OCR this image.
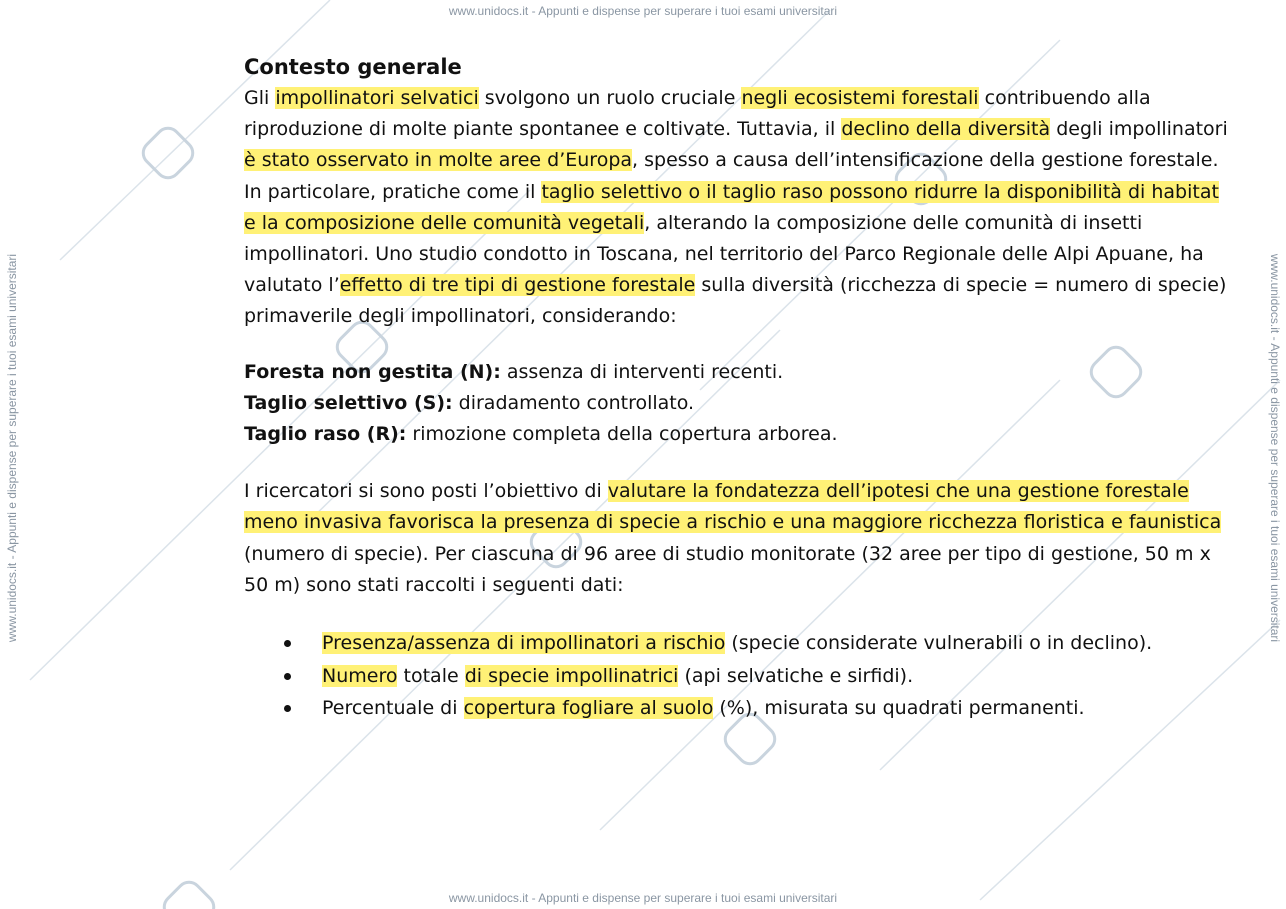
www.unidocs.it - Appunti e dispense per superare i tuoi esami universitari
www.unidocs.it - Appunti e dispense per superare i tuoi esami universitari
www.unidocs.it - Appunti e dispense per superare i tuoi esami universitari	www.unidocs.it - Appunti e dispense per superare i tuoi esami universitari
Contesto generale

Gli impollinatori selvatici svolgono un ruolo cruciale negli ecosistemi forestali contribuendo alla riproduzione di molte piante spontanee e coltivate. Tuttavia, il declino della diversità degli impollinatori è stato osservato in molte aree d’Europa, spesso a causa dell’intensificazione della gestione forestale. In particolare, pratiche come il taglio selettivo o il taglio raso possono ridurre la disponibilità di habitat e la composizione delle comunità vegetali, alterando la composizione delle comunità di insetti impollinatori. Uno studio condotto in Toscana, nel territorio del Parco Regionale delle Alpi Apuane, ha valutato l’effetto di tre tipi di gestione forestale sulla diversità (ricchezza di specie = numero di specie) primaverile degli impollinatori, considerando:

Foresta non gestita (N): assenza di interventi recenti.
Taglio selettivo (S): diradamento controllato.
Taglio raso (R): rimozione completa della copertura arborea.

I ricercatori si sono posti l’obiettivo di valutare la fondatezza dell’ipotesi che una gestione forestale meno invasiva favorisca la presenza di specie a rischio e una maggiore ricchezza floristica e faunistica (numero di specie). Per ciascuna di 96 aree di studio monitorate (32 aree per tipo di gestione, 50 m x 50 m) sono stati raccolti i seguenti dati:

Presenza/assenza di impollinatori a rischio (specie considerate vulnerabili o in declino).
Numero totale di specie impollinatrici (api selvatiche e sirfidi).
Percentuale di copertura fogliare al suolo (%), misurata su quadrati permanenti.
